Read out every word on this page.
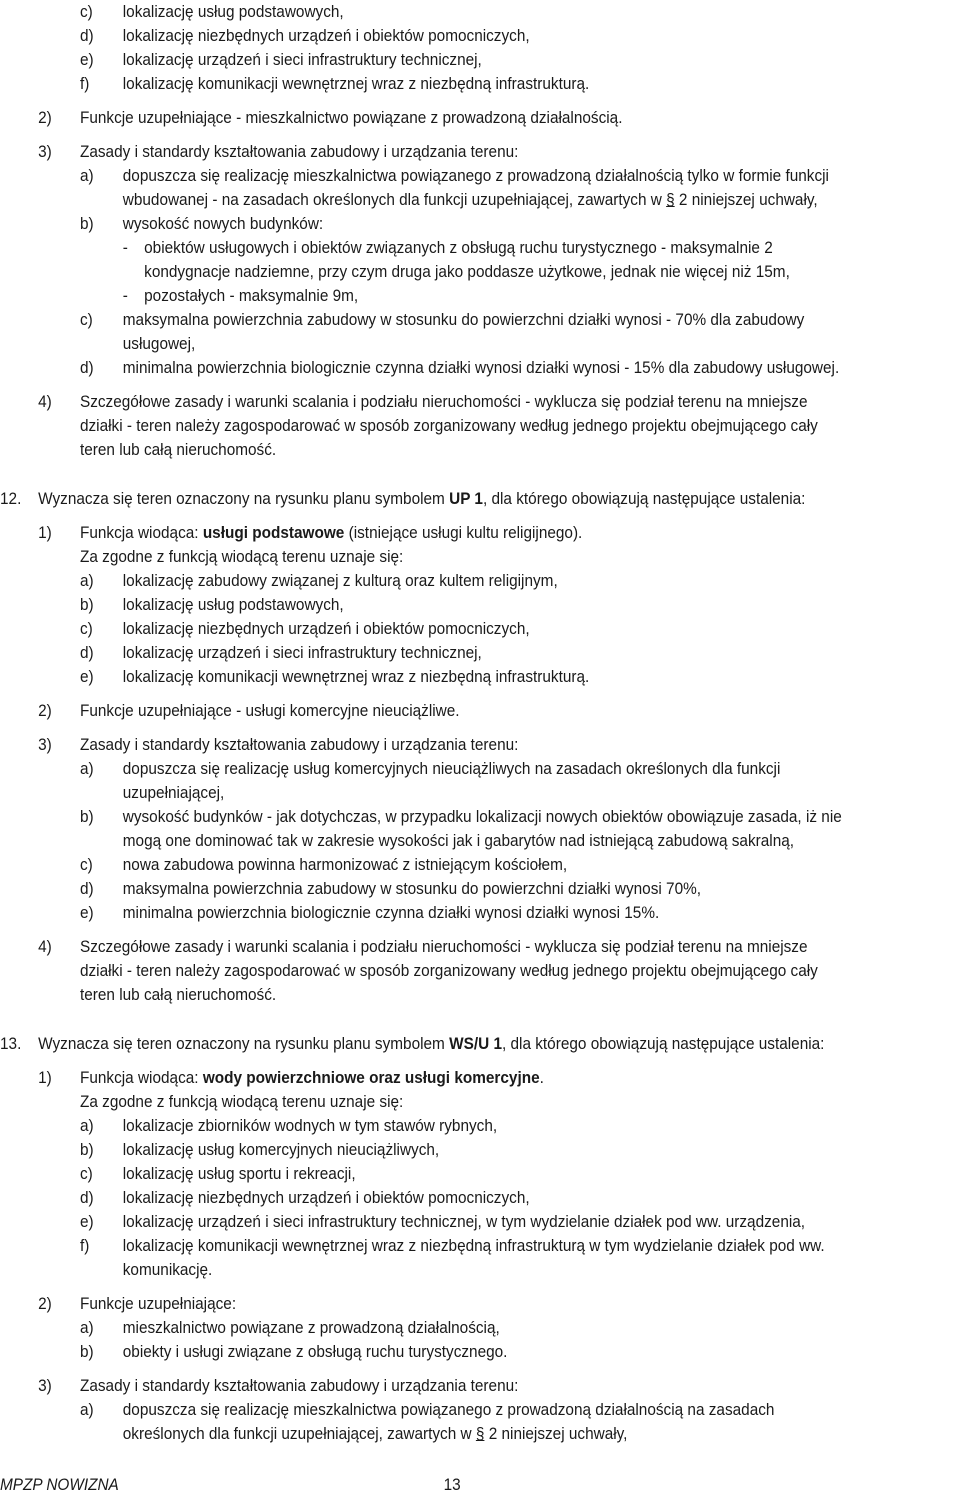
c) lokalizację usług podstawowych,
d) lokalizację niezbędnych urządzeń i obiektów pomocniczych,
e) lokalizację urządzeń i sieci infrastruktury technicznej,
f) lokalizację komunikacji wewnętrznej wraz z niezbędną infrastrukturą.
2) Funkcje uzupełniające - mieszkalnictwo powiązane z prowadzoną działalnością.
3) Zasady i standardy kształtowania zabudowy i urządzania terenu:
a) dopuszcza się realizację mieszkalnictwa powiązanego z prowadzoną działalnością tylko w formie funkcji
wbudowanej - na zasadach określonych dla funkcji uzupełniającej, zawartych w § 2 niniejszej uchwały,
b) wysokość nowych budynków:
- obiektów usługowych i obiektów związanych z obsługą ruchu turystycznego - maksymalnie 2
kondygnacje nadziemne, przy czym druga jako poddasze użytkowe, jednak nie więcej niż 15m,
- pozostałych - maksymalnie 9m,
c) maksymalna powierzchnia zabudowy w stosunku do powierzchni działki wynosi - 70% dla zabudowy
usługowej,
d) minimalna powierzchnia biologicznie czynna działki wynosi działki wynosi - 15% dla zabudowy usługowej.
4) Szczegółowe zasady i warunki scalania i podziału nieruchomości - wyklucza się podział terenu na mniejsze
działki - teren należy zagospodarować w sposób zorganizowany według jednego projektu obejmującego cały
teren lub całą nieruchomość.
12. Wyznacza się teren oznaczony na rysunku planu symbolem UP 1, dla którego obowiązują następujące ustalenia:
1) Funkcja wiodąca: usługi podstawowe (istniejące usługi kultu religijnego).
Za zgodne z funkcją wiodącą terenu uznaje się:
a) lokalizację zabudowy związanej z kulturą oraz kultem religijnym,
b) lokalizację usług podstawowych,
c) lokalizację niezbędnych urządzeń i obiektów pomocniczych,
d) lokalizację urządzeń i sieci infrastruktury technicznej,
e) lokalizację komunikacji wewnętrznej wraz z niezbędną infrastrukturą.
2) Funkcje uzupełniające - usługi komercyjne nieuciążliwe.
3) Zasady i standardy kształtowania zabudowy i urządzania terenu:
a) dopuszcza się realizację usług komercyjnych nieuciążliwych na zasadach określonych dla funkcji
uzupełniającej,
b) wysokość budynków - jak dotychczas, w przypadku lokalizacji nowych obiektów obowiązuje zasada, iż nie
mogą one dominować tak w zakresie wysokości jak i gabarytów nad istniejącą zabudową sakralną,
c) nowa zabudowa powinna harmonizować z istniejącym kościołem,
d) maksymalna powierzchnia zabudowy w stosunku do powierzchni działki wynosi 70%,
e) minimalna powierzchnia biologicznie czynna działki wynosi działki wynosi 15%.
4) Szczegółowe zasady i warunki scalania i podziału nieruchomości - wyklucza się podział terenu na mniejsze
działki - teren należy zagospodarować w sposób zorganizowany według jednego projektu obejmującego cały
teren lub całą nieruchomość.
13. Wyznacza się teren oznaczony na rysunku planu symbolem WS/U 1, dla którego obowiązują następujące ustalenia:
1) Funkcja wiodąca: wody powierzchniowe oraz usługi komercyjne.
Za zgodne z funkcją wiodącą terenu uznaje się:
a) lokalizacje zbiorników wodnych w tym stawów rybnych,
b) lokalizację usług komercyjnych nieuciążliwych,
c) lokalizację usług sportu i rekreacji,
d) lokalizację niezbędnych urządzeń i obiektów pomocniczych,
e) lokalizację urządzeń i sieci infrastruktury technicznej, w tym wydzielanie działek pod ww. urządzenia,
f) lokalizację komunikacji wewnętrznej wraz z niezbędną infrastrukturą w tym wydzielanie działek pod ww.
komunikację.
2) Funkcje uzupełniające:
a) mieszkalnictwo powiązane z prowadzoną działalnością,
b) obiekty i usługi związane z obsługą ruchu turystycznego.
3) Zasady i standardy kształtowania zabudowy i urządzania terenu:
a) dopuszcza się realizację mieszkalnictwa powiązanego z prowadzoną działalnością na zasadach
określonych dla funkcji uzupełniającej, zawartych w § 2 niniejszej uchwały,
MPZP NOWIZNA	13
